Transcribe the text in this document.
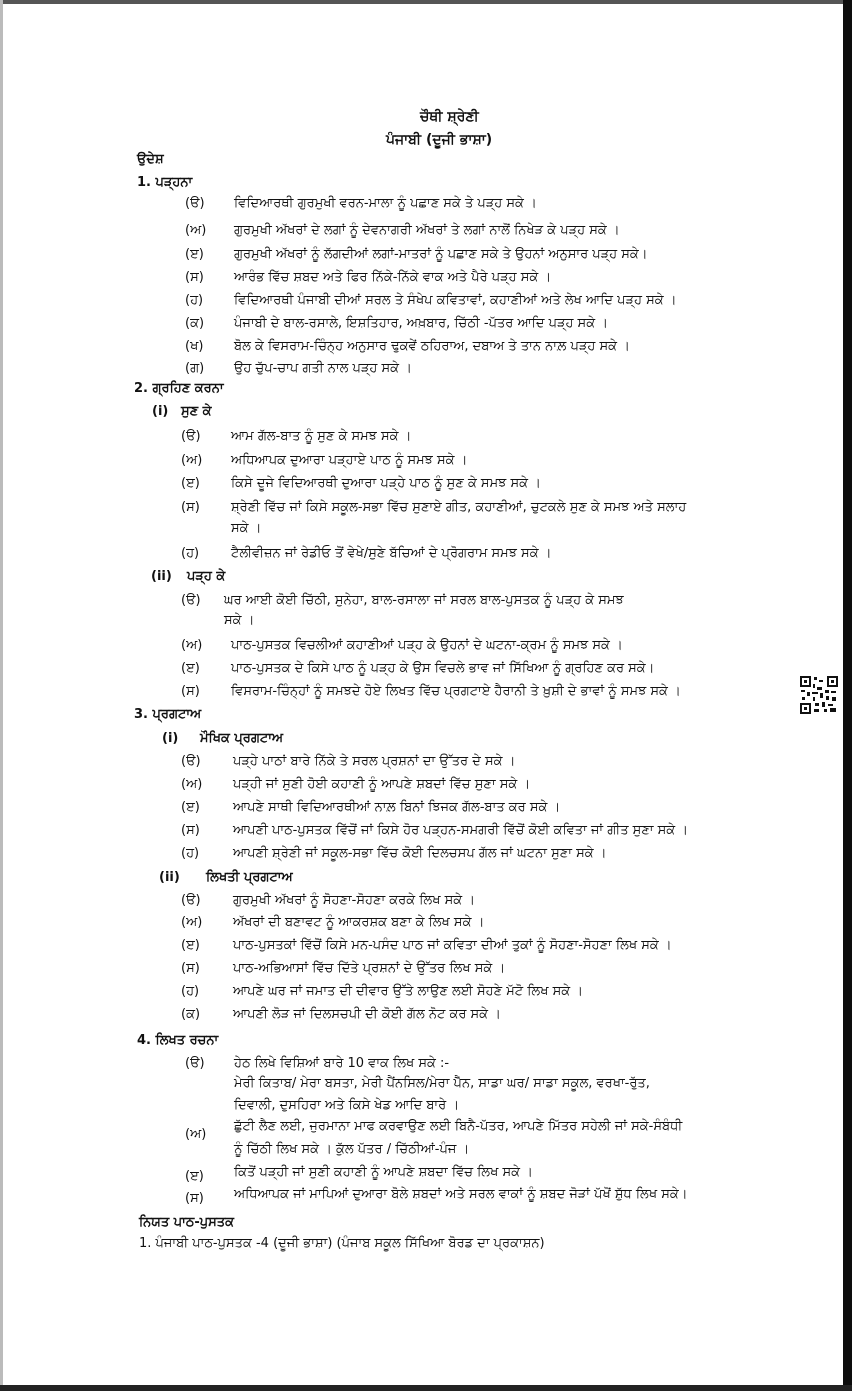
ਚੌਥੀ ਸ਼੍ਰੇਣੀ
ਪੰਜਾਬੀ (ਦੂਜੀ ਭਾਸ਼ਾ)
ਉਦੇਸ਼
1. ਪੜ੍ਹਨਾ
(ੳ) ਵਿਦਿਆਰਥੀ ਗੁਰਮੁਖੀ ਵਰਨ-ਮਾਲਾ ਨੂੰ ਪਛਾਣ ਸਕੇ ਤੇ ਪੜ੍ਹ ਸਕੇ ।
(ਅ) ਗੁਰਮੁਖੀ ਅੱਖਰਾਂ ਦੇ ਲਗਾਂ ਨੂੰ ਦੇਵਨਾਗਰੀ ਅੱਖਰਾਂ ਤੇ ਲਗਾਂ ਨਾਲੋਂ ਨਿਖੇੜ ਕੇ ਪੜ੍ਹ ਸਕੇ ।
(ੲ) ਗੁਰਮੁਖੀ ਅੱਖਰਾਂ ਨੂੰ ਲੱਗਦੀਆਂ ਲਗਾਂ-ਮਾਤਰਾਂ ਨੂੰ ਪਛਾਣ ਸਕੇ ਤੇ ਉਹਨਾਂ ਅਨੁਸਾਰ ਪੜ੍ਹ ਸਕੇ।
(ਸ) ਆਰੰਭ ਵਿੱਚ ਸ਼ਬਦ ਅਤੇ ਫਿਰ ਨਿੱਕੇ-ਨਿੱਕੇ ਵਾਕ ਅਤੇ ਪੈਰੇ ਪੜ੍ਹ ਸਕੇ ।
(ਹ) ਵਿਦਿਆਰਥੀ ਪੰਜਾਬੀ ਦੀਆਂ ਸਰਲ ਤੇ ਸੰਖੇਪ ਕਵਿਤਾਵਾਂ, ਕਹਾਣੀਆਂ ਅਤੇ ਲੇਖ ਆਦਿ ਪੜ੍ਹ ਸਕੇ ।
(ਕ) ਪੰਜਾਬੀ ਦੇ ਬਾਲ-ਰਸਾਲੇ, ਇਸ਼ਤਿਹਾਰ, ਅਖ਼ਬਾਰ, ਚਿੱਠੀ -ਪੱਤਰ ਆਦਿ ਪੜ੍ਹ ਸਕੇ ।
(ਖ) ਬੋਲ ਕੇ ਵਿਸਰਾਮ-ਚਿੰਨ੍ਹ ਅਨੁਸਾਰ ਢੁਕਵੇਂ ਠਹਿਰਾਅ, ਦਬਾਅ ਤੇ ਤਾਨ ਨਾਲ਼ ਪੜ੍ਹ ਸਕੇ ।
(ਗ) ਉਹ ਚੁੱਪ-ਚਾਪ ਗਤੀ ਨਾਲ ਪੜ੍ਹ ਸਕੇ ।
2. ਗ੍ਰਹਿਣ ਕਰਨਾ
(i) ਸੁਣ ਕੇ
(ੳ) ਆਮ ਗੱਲ-ਬਾਤ ਨੂੰ ਸੁਣ ਕੇ ਸਮਝ ਸਕੇ ।
(ਅ) ਅਧਿਆਪਕ ਦੁਆਰਾ ਪੜ੍ਹਾਏ ਪਾਠ ਨੂੰ ਸਮਝ ਸਕੇ ।
(ੲ) ਕਿਸੇ ਦੂਜੇ ਵਿਦਿਆਰਥੀ ਦੁਆਰਾ ਪੜ੍ਹੇ ਪਾਠ ਨੂੰ ਸੁਣ ਕੇ ਸਮਝ ਸਕੇ ।
(ਸ) ਸ਼੍ਰੇਣੀ ਵਿੱਚ ਜਾਂ ਕਿਸੇ ਸਕੂਲ-ਸਭਾ ਵਿੱਚ ਸੁਣਾਏ ਗੀਤ, ਕਹਾਣੀਆਂ, ਚੁਟਕਲੇ ਸੁਣ ਕੇ ਸਮਝ ਅਤੇ ਸਲਾਹ
ਸਕੇ ।
(ਹ) ਟੈਲੀਵੀਜ਼ਨ ਜਾਂ ਰੇਡੀਓ ਤੋਂ ਵੇਖੇ/ਸੁਣੇ ਬੱਚਿਆਂ ਦੇ ਪ੍ਰੋਗਰਾਮ ਸਮਝ ਸਕੇ ।
(ii) ਪੜ੍ਹ ਕੇ
(ੳ) ਘਰ ਆਈ ਕੋਈ ਚਿੱਠੀ, ਸੁਨੇਹਾ, ਬਾਲ-ਰਸਾਲਾ ਜਾਂ ਸਰਲ ਬਾਲ-ਪੁਸਤਕ ਨੂੰ ਪੜ੍ਹ ਕੇ ਸਮਝ
ਸਕੇ ।
(ਅ) ਪਾਠ-ਪੁਸਤਕ ਵਿਚਲੀਆਂ ਕਹਾਣੀਆਂ ਪੜ੍ਹ ਕੇ ਉਹਨਾਂ ਦੇ ਘਟਨਾ-ਕ੍ਰਮ ਨੂੰ ਸਮਝ ਸਕੇ ।
(ੲ) ਪਾਠ-ਪੁਸਤਕ ਦੇ ਕਿਸੇ ਪਾਠ ਨੂੰ ਪੜ੍ਹ ਕੇ ਉਸ ਵਿਚਲੇ ਭਾਵ ਜਾਂ ਸਿੱਖਿਆ ਨੂੰ ਗ੍ਰਹਿਣ ਕਰ ਸਕੇ।
(ਸ) ਵਿਸਰਾਮ-ਚਿੰਨ੍ਹਾਂ ਨੂੰ ਸਮਝਦੇ ਹੋਏ ਲਿਖਤ ਵਿੱਚ ਪ੍ਰਗਟਾਏ ਹੈਰਾਨੀ ਤੇ ਖ਼ੁਸ਼ੀ ਦੇ ਭਾਵਾਂ ਨੂੰ ਸਮਝ ਸਕੇ ।
3. ਪ੍ਰਗਟਾਅ
(i) ਮੌਖਿਕ ਪ੍ਰਗਟਾਅ
(ੳ) ਪੜ੍ਹੇ ਪਾਠਾਂ ਬਾਰੇ ਨਿੱਕੇ ਤੇ ਸਰਲ ਪ੍ਰਸ਼ਨਾਂ ਦਾ ਉੱਤਰ ਦੇ ਸਕੇ ।
(ਅ) ਪੜ੍ਹੀ ਜਾਂ ਸੁਣੀ ਹੋਈ ਕਹਾਣੀ ਨੂੰ ਆਪਣੇ ਸ਼ਬਦਾਂ ਵਿੱਚ ਸੁਣਾ ਸਕੇ ।
(ੲ)	ਆਪਣੇ ਸਾਥੀ ਵਿਦਿਆਰਥੀਆਂ ਨਾਲ਼ ਬਿਨਾਂ ਝਿਜਕ ਗੱਲ-ਬਾਤ ਕਰ ਸਕੇ ।
(ਸ)	ਆਪਣੀ ਪਾਠ-ਪੁਸਤਕ ਵਿੱਚੋਂ ਜਾਂ ਕਿਸੇ ਹੋਰ ਪੜ੍ਹਨ-ਸਮਗਰੀ ਵਿੱਚੋਂ ਕੋਈ ਕਵਿਤਾ ਜਾਂ ਗੀਤ ਸੁਣਾ ਸਕੇ ।
(ਹ)	ਆਪਣੀ ਸ਼੍ਰੇਣੀ ਜਾਂ ਸਕੂਲ-ਸਭਾ ਵਿੱਚ ਕੋਈ ਦਿਲਚਸਪ ਗੱਲ ਜਾਂ ਘਟਨਾ ਸੁਣਾ ਸਕੇ ।
(ii) ਲਿਖਤੀ ਪ੍ਰਗਟਾਅ
(ੳ) ਗੁਰਮੁਖੀ ਅੱਖਰਾਂ ਨੂੰ ਸੋਹਣਾ-ਸੋਹਣਾ ਕਰਕੇ ਲਿਖ ਸਕੇ ।
(ਅ) ਅੱਖਰਾਂ ਦੀ ਬਣਾਵਟ ਨੂੰ ਆਕਰਸ਼ਕ ਬਣਾ ਕੇ ਲਿਖ ਸਕੇ ।
(ੲ)	ਪਾਠ-ਪੁਸਤਕਾਂ ਵਿੱਚੋਂ ਕਿਸੇ ਮਨ-ਪਸੰਦ ਪਾਠ ਜਾਂ ਕਵਿਤਾ ਦੀਆਂ ਤੁਕਾਂ ਨੂੰ ਸੋਹਣਾ-ਸੋਹਣਾ ਲਿਖ ਸਕੇ ।
(ਸ)	ਪਾਠ-ਅਭਿਆਸਾਂ ਵਿੱਚ ਦਿੱਤੇ ਪ੍ਰਸ਼ਨਾਂ ਦੇ ਉੱਤਰ ਲਿਖ ਸਕੇ ।
(ਹ)	ਆਪਣੇ ਘਰ ਜਾਂ ਜਮਾਤ ਦੀ ਦੀਵਾਰ ਉੱਤੇ ਲਾਉਣ ਲਈ ਸੋਹਣੇ ਮੱਟੋ ਲਿਖ ਸਕੇ ।
(ਕ)	ਆਪਣੀ ਲੋੜ ਜਾਂ ਦਿਲਸਚਪੀ ਦੀ ਕੋਈ ਗੱਲ ਨੋਟ ਕਰ ਸਕੇ ।
4. ਲਿਖਤ ਰਚਨਾ
(ੳ) ਹੇਠ ਲਿਖੇ ਵਿਸ਼ਿਆਂ ਬਾਰੇ 10 ਵਾਕ ਲਿਖ ਸਕੇ :-
ਮੇਰੀ ਕਿਤਾਬ/ ਮੇਰਾ ਬਸਤਾ, ਮੇਰੀ ਪੈਂਨਸਿਲ/ਮੇਰਾ ਪੈੱਨ, ਸਾਡਾ ਘਰ/ ਸਾਡਾ ਸਕੂਲ, ਵਰਖਾ-ਰੁੱਤ,
ਦਿਵਾਲੀ, ਦੁਸਹਿਰਾ ਅਤੇ ਕਿਸੇ ਖੇਡ ਆਦਿ ਬਾਰੇ ।
(ਅ)
ਛੁੱਟੀ ਲੈਣ ਲਈ, ਜੁਰਮਾਨਾ ਮਾਫ ਕਰਵਾਉਣ ਲਈ ਬਿਨੈ-ਪੱਤਰ, ਆਪਣੇ ਮਿੱਤਰ ਸਹੇਲੀ ਜਾਂ ਸਕੇ-ਸੰਬੰਧੀ
ਨੂੰ ਚਿੱਠੀ ਲਿਖ ਸਕੇ । ਕੁੱਲ ਪੱਤਰ / ਚਿੱਠੀਆਂ-ਪੰਜ ।
(ੲ) ਕਿਤੋਂ ਪੜ੍ਹੀ ਜਾਂ ਸੁਣੀ ਕਹਾਣੀ ਨੂੰ ਆਪਣੇ ਸ਼ਬਦਾ ਵਿੱਚ ਲਿਖ ਸਕੇ ।
(ਸ) ਅਧਿਆਪਕ ਜਾਂ ਮਾਪਿਆਂ ਦੁਆਰਾ ਬੋਲੇ ਸ਼ਬਦਾਂ ਅਤੇ ਸਰਲ ਵਾਕਾਂ ਨੂੰ ਸ਼ਬਦ ਜੋੜਾਂ ਪੱਖੋਂ ਸ਼ੁੱਧ ਲਿਖ ਸਕੇ।
ਨਿਯਤ ਪਾਠ-ਪੁਸਤਕ
1. ਪੰਜਾਬੀ ਪਾਠ-ਪੁਸਤਕ -4 (ਦੂਜੀ ਭਾਸ਼ਾ) (ਪੰਜਾਬ ਸਕੂਲ ਸਿੱਖਿਆ ਬੋਰਡ ਦਾ ਪ੍ਰਕਾਸ਼ਨ)
